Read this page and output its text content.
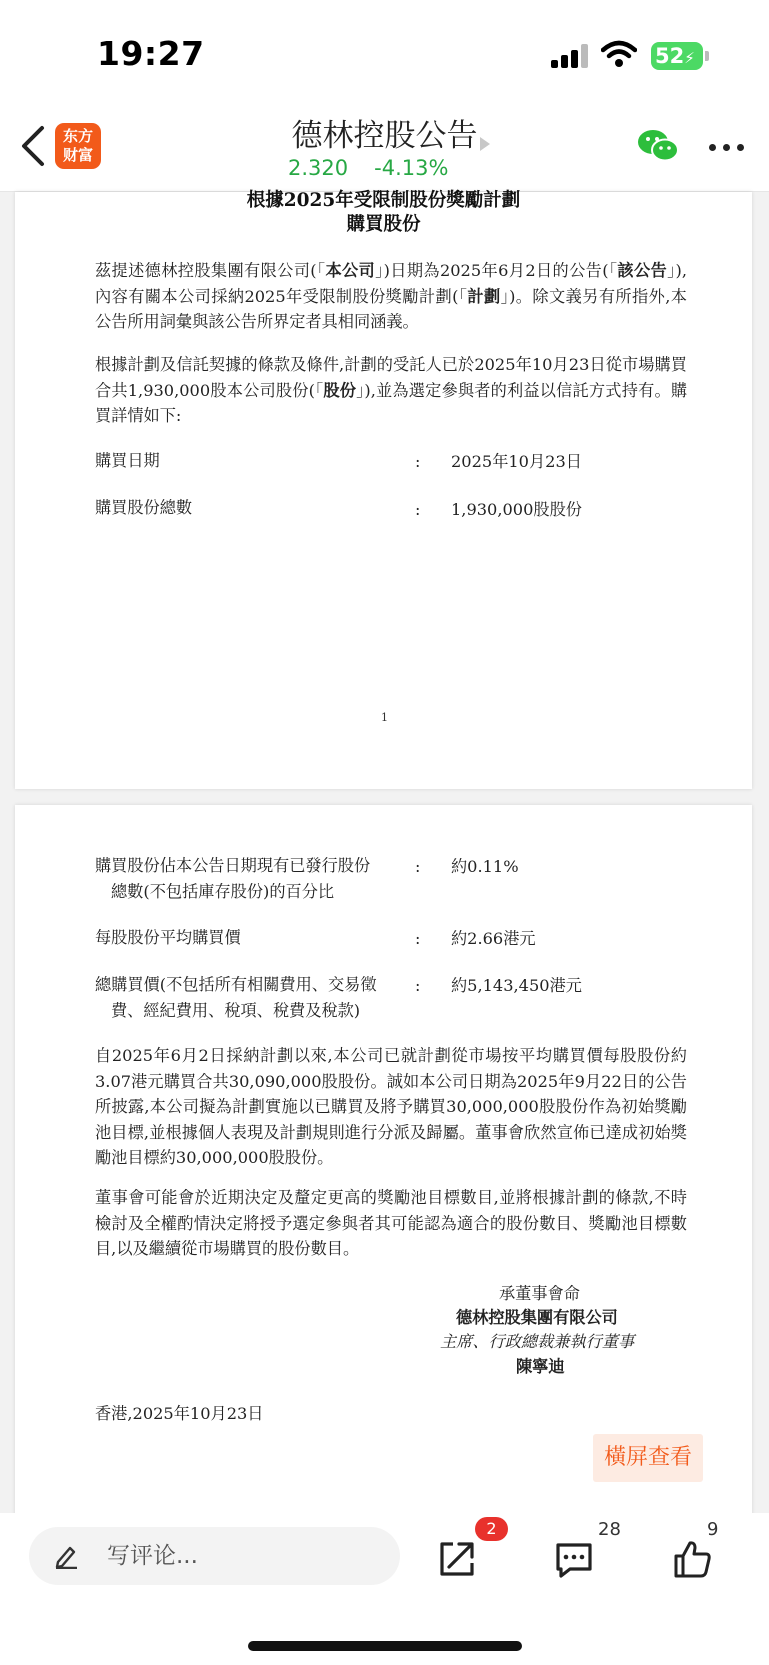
19:27	52⚡
东方
财富
德林控股公告
2.320 -4.13%
根據2025年受限制股份獎勵計劃
購買股份
茲提述德林控股集團有限公司(「本公司」)日期為2025年6月2日的公告(「該公告」),內容有關本公司採納2025年受限制股份獎勵計劃(「計劃」)。除文義另有所指外,本公告所用詞彙與該公告所界定者具相同涵義。
根據計劃及信託契據的條款及條件,計劃的受託人已於2025年10月23日從市場購買合共1,930,000股本公司股份(「股份」),並為選定參與者的利益以信託方式持有。購買詳情如下:
購買日期	: 2025年10月23日
購買股份總數	: 1,930,000股股份
1
購買股份佔本公告日期現有已發行股份
總數(不包括庫存股份)的百分比
: 約0.11%
每股股份平均購買價	: 約2.66港元
總購買價(不包括所有相關費用、交易徵
費、經紀費用、稅項、稅費及稅款)
: 約5,143,450港元
自2025年6月2日採納計劃以來,本公司已就計劃從市場按平均購買價每股股份約3.07港元購買合共30,090,000股股份。誠如本公司日期為2025年9月22日的公告所披露,本公司擬為計劃實施以已購買及將予購買30,000,000股股份作為初始獎勵池目標,並根據個人表現及計劃規則進行分派及歸屬。董事會欣然宣佈已達成初始獎勵池目標約30,000,000股股份。
董事會可能會於近期決定及釐定更高的獎勵池目標數目,並將根據計劃的條款,不時檢討及全權酌情決定將授予選定參與者其可能認為適合的股份數目、獎勵池目標數目,以及繼續從市場購買的股份數目。
承董事會命
德林控股集團有限公司
主席、行政總裁兼執行董事
陳寧迪
香港,2025年10月23日
橫屏查看
写评论...
2	28	9
